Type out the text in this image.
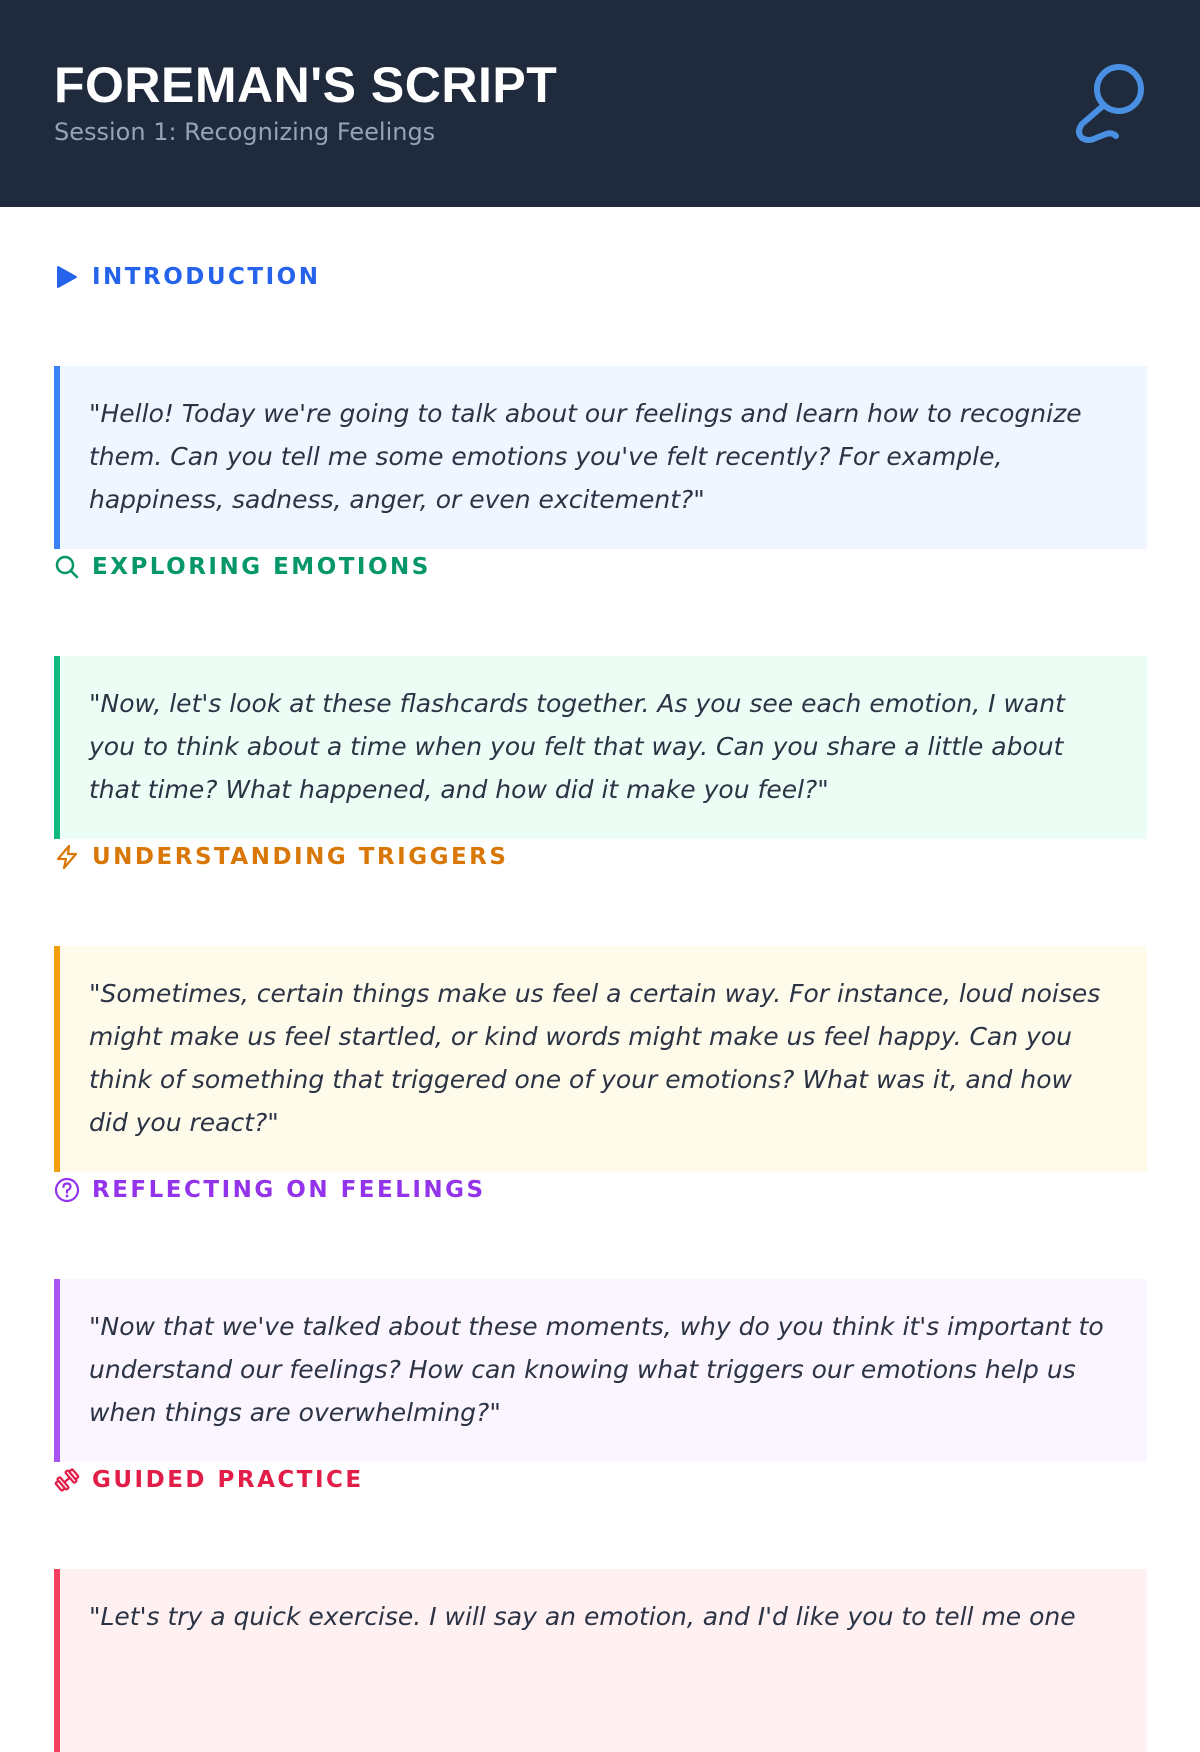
FOREMAN'S SCRIPT
Session 1: Recognizing Feelings
INTRODUCTION

"Hello! Today we're going to talk about our feelings and learn how to recognize them. Can you tell me some emotions you've felt recently? For example, happiness, sadness, anger, or even excitement?"

EXPLORING EMOTIONS

"Now, let's look at these flashcards together. As you see each emotion, I want you to think about a time when you felt that way. Can you share a little about that time? What happened, and how did it make you feel?"

UNDERSTANDING TRIGGERS

"Sometimes, certain things make us feel a certain way. For instance, loud noises might make us feel startled, or kind words might make us feel happy. Can you think of something that triggered one of your emotions? What was it, and how did you react?"

REFLECTING ON FEELINGS

"Now that we've talked about these moments, why do you think it's important to understand our feelings? How can knowing what triggers our emotions help us when things are overwhelming?"

GUIDED PRACTICE

"Let's try a quick exercise. I will say an emotion, and I'd like you to tell me one
